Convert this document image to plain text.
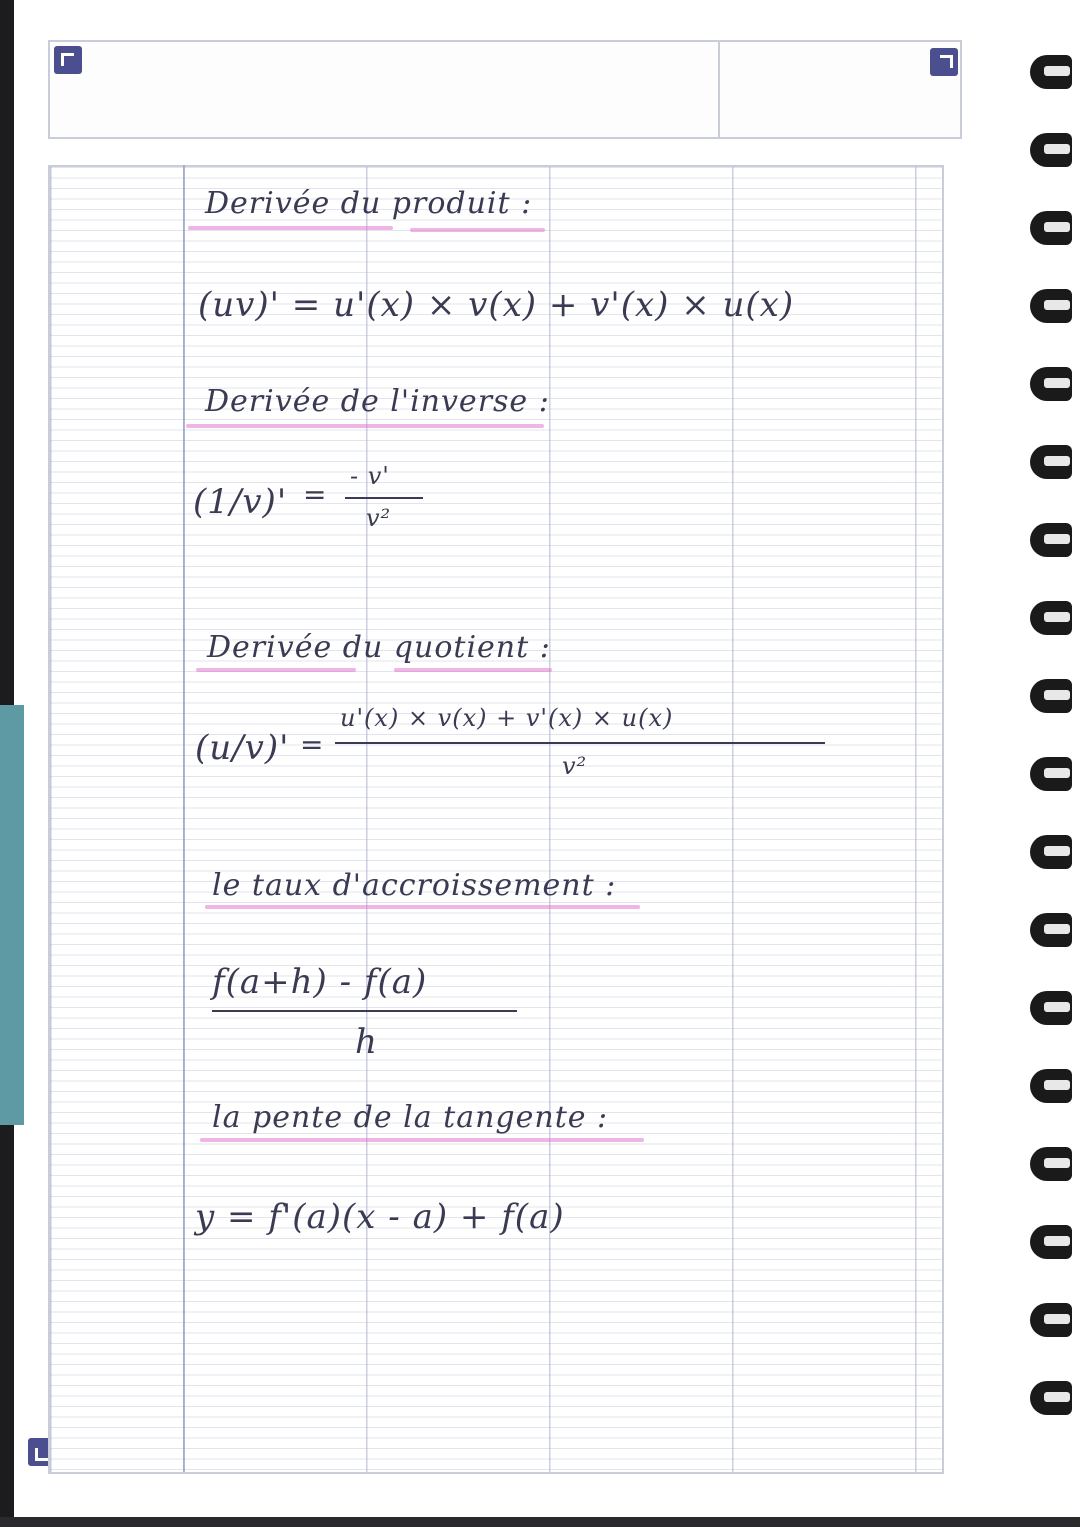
Derivée du produit :
(uv)' = u'(x) × v(x) + v'(x) × u(x)
Derivée de l'inverse :
(1/v)' =
- v'
v²
Derivée du quotient :
(u/v)' =
u'(x) × v(x) + v'(x) × u(x)
v²
le taux d'accroissement :
f(a+h) - f(a)
h
la pente de la tangente :
y = f'(a)(x - a) + f(a)
